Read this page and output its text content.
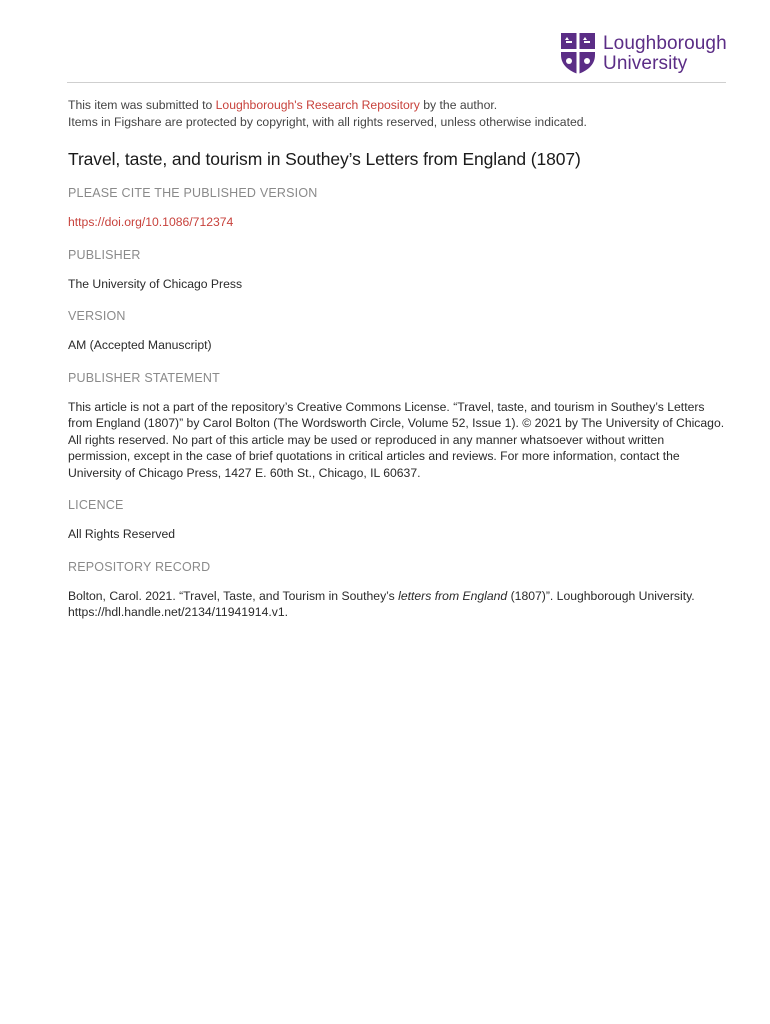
Loughborough
University

This item was submitted to Loughborough's Research Repository by the author.

Items in Figshare are protected by copyright, with all rights reserved, unless otherwise indicated.

Travel, taste, and tourism in Southey’s Letters from England (1807)
PLEASE CITE THE PUBLISHED VERSION
https://doi.org/10.1086/712374
PUBLISHER
The University of Chicago Press
VERSION
AM (Accepted Manuscript)
PUBLISHER STATEMENT
This article is not a part of the repository’s Creative Commons License. “Travel, taste, and tourism in Southey’s Letters from England (1807)” by Carol Bolton (The Wordsworth Circle, Volume 52, Issue 1). © 2021 by The University of Chicago. All rights reserved. No part of this article may be used or reproduced in any manner whatsoever without written permission, except in the case of brief quotations in critical articles and reviews. For more information, contact the University of Chicago Press, 1427 E. 60th St., Chicago, IL 60637.
LICENCE
All Rights Reserved
REPOSITORY RECORD
Bolton, Carol. 2021. “Travel, Taste, and Tourism in Southey’s letters from England (1807)”. Loughborough University. https://hdl.handle.net/2134/11941914.v1.
